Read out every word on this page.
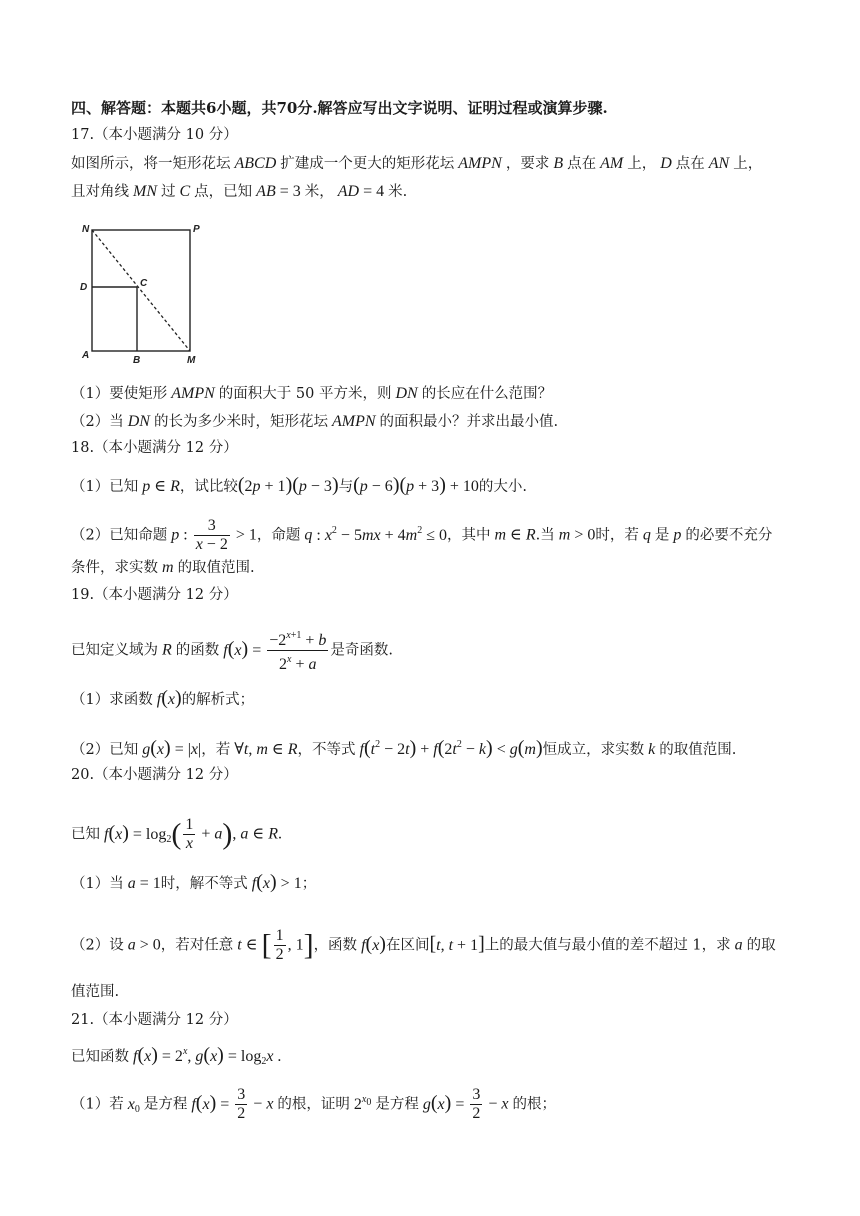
四、解答题：本题共6小题，共70分.解答应写出文字说明、证明过程或演算步骤.
17.（本小题满分 10 分）
如图所示，将一矩形花坛 ABCD 扩建成一个更大的矩形花坛 AMPN ，要求 B 点在 AM 上， D 点在 AN 上，
且对角线 MN 过 C 点，已知 AB = 3 米， AD = 4 米.
N	P
D	C
A	B	M
（1）要使矩形 AMPN 的面积大于 50 平方米，则 DN 的长应在什么范围？
（2）当 DN 的长为多少米时，矩形花坛 AMPN 的面积最小？并求出最小值.
18.（本小题满分 12 分）
（1）已知 p ∈ R，试比较(2p + 1)(p − 3)与(p − 6)(p + 3) + 10的大小.
（2）已知命题 p : $\frac{3}{x - 2} > 1$，命题 q : $x^2 - 5mx + 4m^2 \le 0$，其中 m ∈ R.当 m > 0时，若 q 是 p 的必要不充分
条件，求实数 m 的取值范围.
19.（本小题满分 12 分）
已知定义域为 R 的函数 $f(x) = \frac{-2^{x+1} + b}{2^x + a}$ 是奇函数.
（1）求函数 f(x)的解析式；
（2）已知 g(x) = |x|，若 ∀t, m ∈ R，不等式 $f(t^2 - 2t) + f(2t^2 - k) < g(m)$恒成立，求实数 k 的取值范围.
20.（本小题满分 12 分）
已知 $f(x) = \log_2( \frac{1}{x} + a)$, a ∈ R.
（1）当 a = 1时，解不等式 f(x) > 1；
（2）设 a > 0，若对任意 t ∈ [ $\frac{1}{2}$ , 1]，函数 f(x)在区间[t, t + 1]上的最大值与最小值的差不超过 1，求 a 的取
值范围.
21.（本小题满分 12 分）
已知函数 $f(x) = 2^x$, $g(x) = \log_2x$ .
（1）若 $x_0$ 是方程 $f(x) = \frac{3}{2} - x$ 的根，证明 $2^{x_0}$ 是方程 $g(x) = \frac{3}{2} - x$ 的根；
